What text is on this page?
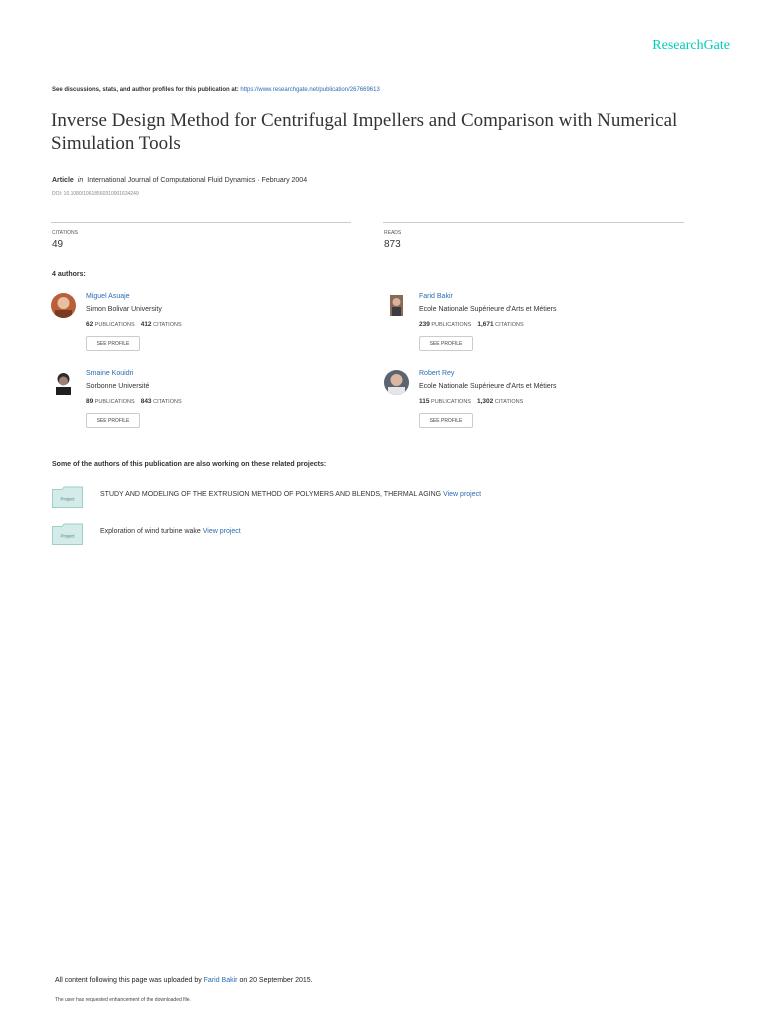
ResearchGate
See discussions, stats, and author profiles for this publication at: https://www.researchgate.net/publication/267669613
Inverse Design Method for Centrifugal Impellers and Comparison with Numerical Simulation Tools
Article in International Journal of Computational Fluid Dynamics · February 2004
DOI: 10.1080/10618560310001634249
CITATIONS
49
READS
873
4 authors:
Miguel Asuaje
Simon Bolivar University
62 PUBLICATIONS 412 CITATIONS
SEE PROFILE
Farid Bakir
Ecole Nationale Supérieure d'Arts et Métiers
239 PUBLICATIONS 1,671 CITATIONS
SEE PROFILE
Smaine Kouidri
Sorbonne Université
89 PUBLICATIONS 843 CITATIONS
SEE PROFILE
Robert Rey
Ecole Nationale Supérieure d'Arts et Métiers
115 PUBLICATIONS 1,302 CITATIONS
SEE PROFILE
Some of the authors of this publication are also working on these related projects:
Project
STUDY AND MODELING OF THE EXTRUSION METHOD OF POLYMERS AND BLENDS, THERMAL AGING View project
Project
Exploration of wind turbine wake View project
All content following this page was uploaded by Farid Bakir on 20 September 2015.
The user has requested enhancement of the downloaded file.
